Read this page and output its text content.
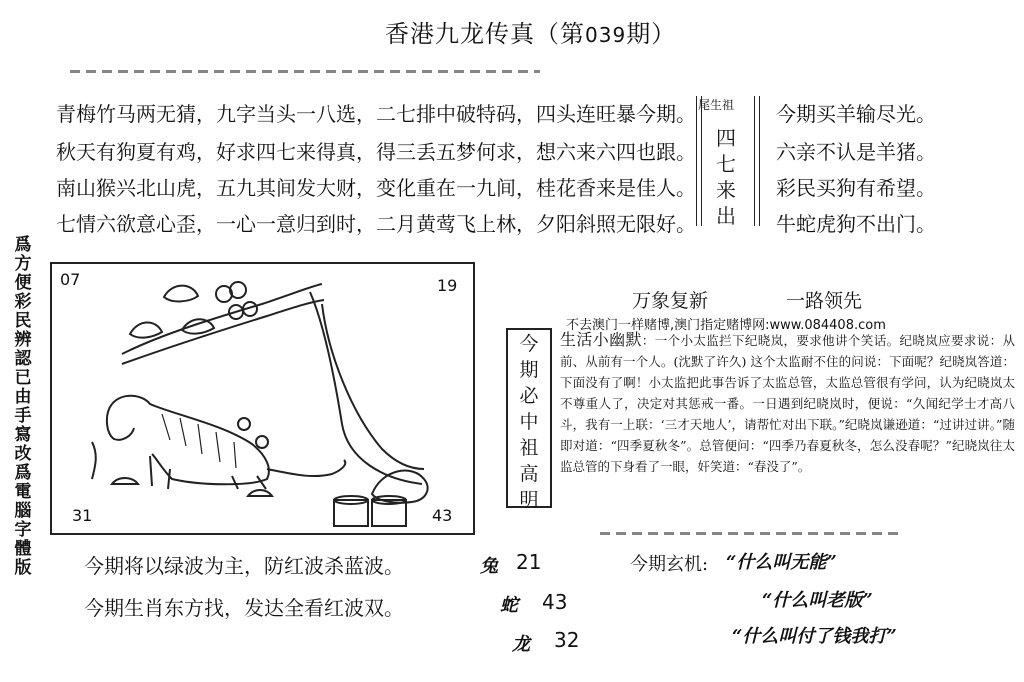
香港九龙传真（第039期）
青梅竹马两无猜，九字当头一八选，二七排中破特码，四头连旺暴今期。
秋天有狗夏有鸡，好求四七来得真，得三丢五梦何求，想六来六四也跟。
南山猴兴北山虎，五九其间发大财，变化重在一九间，桂花香来是佳人。
七情六欲意心歪，一心一意归到时，二月黄莺飞上林，夕阳斜照无限好。
尾生祖
四
七
来
出
今期买羊输尽光。
六亲不认是羊猪。
彩民买狗有希望。
牛蛇虎狗不出门。
爲
方
便
彩
民
辨
認
已
由
手
寫
改
爲
電
腦
字
體
版
07	19
31	43
万象复新	一路领先
不去澳门一样赌博,澳门指定赌博网:www.084408.com
今
期
必
中
祖
高
明
生活小幽默：一个小太监拦下纪晓岚，要求他讲个笑话。纪晓岚应要求说：从前、从前有一个人。(沈默了许久) 这个太监耐不住的问说：下面呢？纪晓岚答道：下面没有了啊！小太监把此事告诉了太监总管，太监总管很有学问，认为纪晓岚太不尊重人了，决定对其惩戒一番。一日遇到纪晓岚时，便说：“久闻纪学士才高八斗，我有一上联：‘三才天地人’，请帮忙对出下联。”纪晓岚谦逊道：“过讲过讲。”随即对道：“四季夏秋冬”。总管便问：“四季乃春夏秋冬，怎么没春呢？”纪晓岚往太监总管的下身看了一眼，奸笑道：“春没了”。
今期将以绿波为主，防红波杀蓝波。
今期生肖东方找，发达全看红波双。
兔 21
蛇 43
龙 32
今期玄机: “什么叫无能”
“什么叫老版”
“什么叫付了钱我打”
